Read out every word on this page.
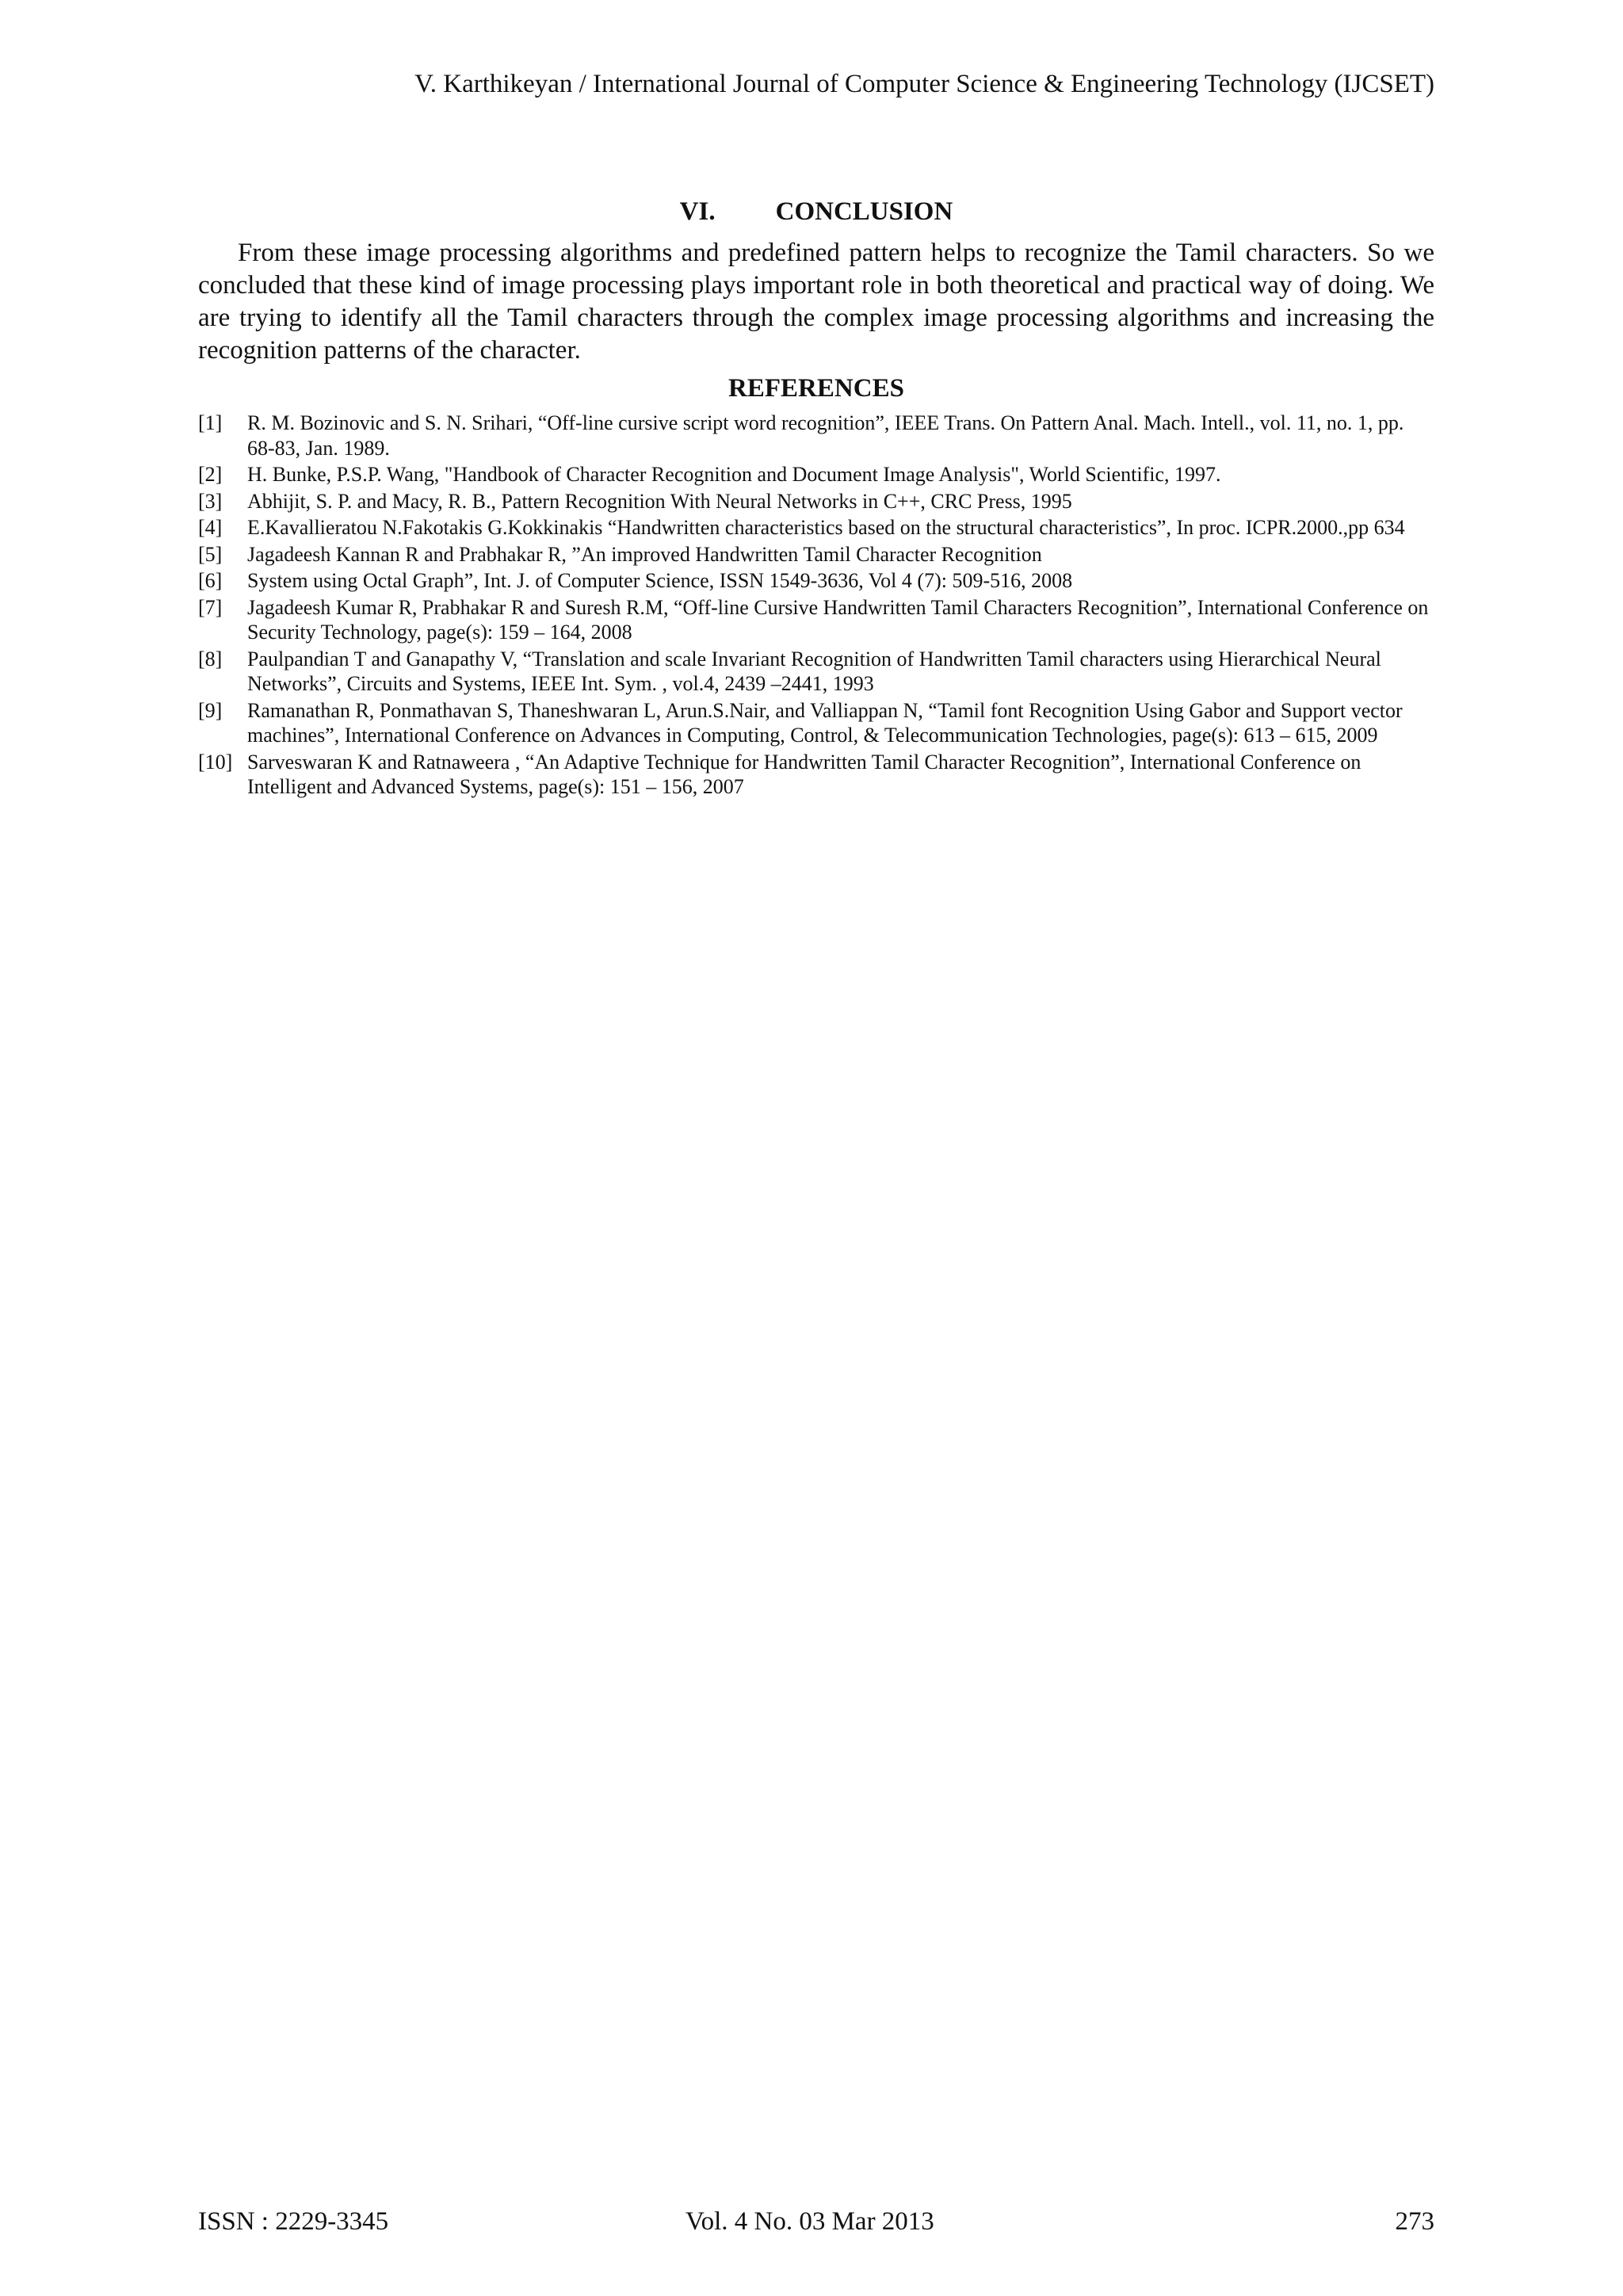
V. Karthikeyan / International Journal of Computer Science & Engineering Technology (IJCSET)
VI. CONCLUSION

From these image processing algorithms and predefined pattern helps to recognize the Tamil characters. So we concluded that these kind of image processing plays important role in both theoretical and practical way of doing. We are trying to identify all the Tamil characters through the complex image processing algorithms and increasing the recognition patterns of the character.

REFERENCES
[1] R. M. Bozinovic and S. N. Srihari, “Off-line cursive script word recognition”, IEEE Trans. On Pattern Anal. Mach. Intell., vol. 11, no. 1, pp. 68-83, Jan. 1989.
[2] H. Bunke, P.S.P. Wang, "Handbook of Character Recognition and Document Image Analysis", World Scientific, 1997.
[3] Abhijit, S. P. and Macy, R. B., Pattern Recognition With Neural Networks in C++, CRC Press, 1995
[4] E.Kavallieratou N.Fakotakis G.Kokkinakis “Handwritten characteristics based on the structural characteristics”, In proc. ICPR.2000.,pp 634
[5] Jagadeesh Kannan R and Prabhakar R, ”An improved Handwritten Tamil Character Recognition
[6] System using Octal Graph”, Int. J. of Computer Science, ISSN 1549-3636, Vol 4 (7): 509-516, 2008
[7] Jagadeesh Kumar R, Prabhakar R and Suresh R.M, “Off-line Cursive Handwritten Tamil Characters Recognition”, International Conference on Security Technology, page(s): 159 – 164, 2008
[8] Paulpandian T and Ganapathy V, “Translation and scale Invariant Recognition of Handwritten Tamil characters using Hierarchical Neural Networks”, Circuits and Systems, IEEE Int. Sym. , vol.4, 2439 –2441, 1993
[9] Ramanathan R, Ponmathavan S, Thaneshwaran L, Arun.S.Nair, and Valliappan N, “Tamil font Recognition Using Gabor and Support vector machines”, International Conference on Advances in Computing, Control, & Telecommunication Technologies, page(s): 613 – 615, 2009
[10] Sarveswaran K and Ratnaweera , “An Adaptive Technique for Handwritten Tamil Character Recognition”, International Conference on Intelligent and Advanced Systems, page(s): 151 – 156, 2007
ISSN : 2229-3345	Vol. 4 No. 03 Mar 2013	273
